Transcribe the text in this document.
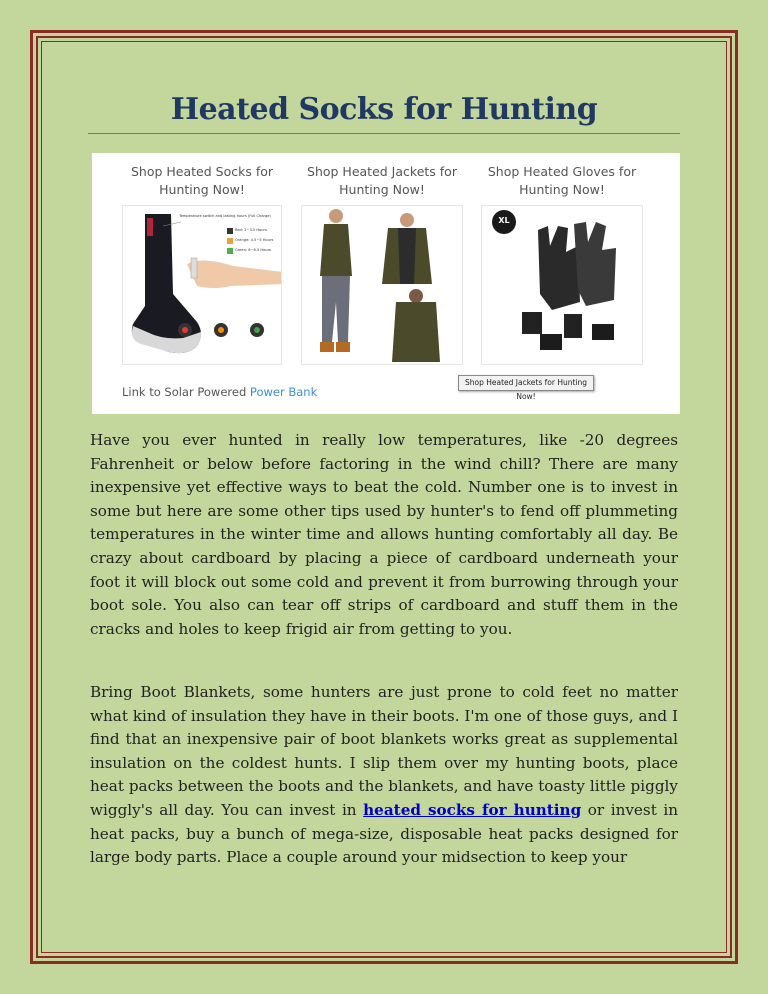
Heated Socks for Hunting
Shop Heated Socks for Hunting Now!
Shop Heated Jackets for Hunting Now!
Shop Heated Gloves for Hunting Now!
Temperature switch and lasting hours (Full Charge)
Red: 2~3.5 Hours
Orange: 4.5~5 Hours
Green: 6~6.5 Hours
XL
Link to Solar Powered Power Bank
Shop Heated Jackets for Hunting Now!
Have you ever hunted in really low temperatures, like -20 degrees Fahrenheit or below before factoring in the wind chill? There are many inexpensive yet effective ways to beat the cold. Number one is to invest in some but here are some other tips used by hunter's to fend off plummeting temperatures in the winter time and allows hunting comfortably all day. Be crazy about cardboard by placing a piece of cardboard underneath your foot it will block out some cold and prevent it from burrowing through your boot sole. You also can tear off strips of cardboard and stuff them in the cracks and holes to keep frigid air from getting to you.
Bring Boot Blankets, some hunters are just prone to cold feet no matter what kind of insulation they have in their boots. I'm one of those guys, and I find that an inexpensive pair of boot blankets works great as supplemental insulation on the coldest hunts. I slip them over my hunting boots, place heat packs between the boots and the blankets, and have toasty little piggly wiggly's all day. You can invest in heated socks for hunting or invest in heat packs, buy a bunch of mega-size, disposable heat packs designed for large body parts. Place a couple around your midsection to keep your
